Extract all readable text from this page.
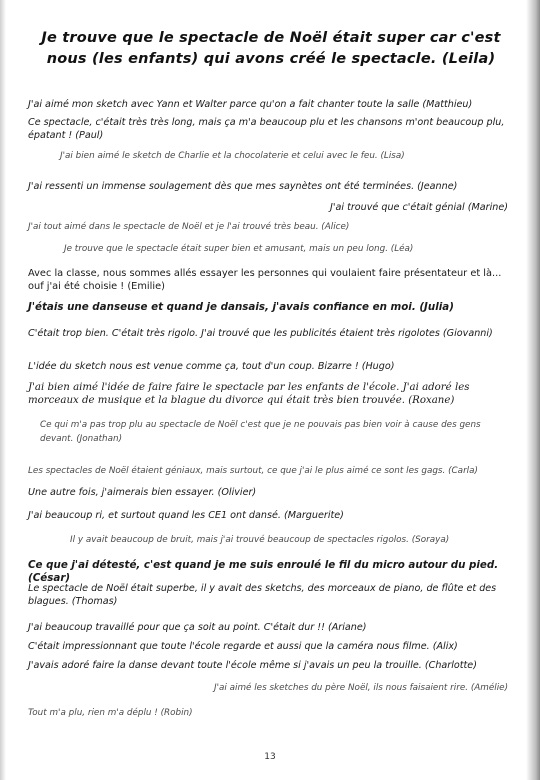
Je trouve que le spectacle de Noël était super car c'est nous (les enfants) qui avons créé le spectacle. (Leila)
J'ai aimé mon sketch avec Yann et Walter parce qu'on a fait chanter toute la salle (Matthieu)
Ce spectacle, c'était très très long, mais ça m'a beaucoup plu et les chansons m'ont beaucoup plu, épatant ! (Paul)
J'ai bien aimé le sketch de Charlie et la chocolaterie et celui avec le feu. (Lisa)
J'ai ressenti un immense soulagement dès que mes saynètes ont été terminées. (Jeanne)
J'ai trouvé que c'était génial (Marine)
J'ai tout aimé dans le spectacle de Noël et je l'ai trouvé très beau. (Alice)
Je trouve que le spectacle était super bien et amusant, mais un peu long. (Léa)
Avec la classe, nous sommes allés essayer les personnes qui voulaient faire présentateur et là... ouf j'ai été choisie ! (Emilie)
J'étais une danseuse et quand je dansais, j'avais confiance en moi. (Julia)
C'était trop bien. C'était très rigolo. J'ai trouvé que les publicités étaient très rigolotes (Giovanni)
L'idée du sketch nous est venue comme ça, tout d'un coup. Bizarre ! (Hugo)
J'ai bien aimé l'idée de faire faire le spectacle par les enfants de l'école. J'ai adoré les morceaux de musique et la blague du divorce qui était très bien trouvée. (Roxane)
Ce qui m'a pas trop plu au spectacle de Noël c'est que je ne pouvais pas bien voir à cause des gens devant. (Jonathan)
Les spectacles de Noël étaient géniaux, mais surtout, ce que j'ai le plus aimé ce sont les gags. (Carla)
Une autre fois, j'aimerais bien essayer. (Olivier)
J'ai beaucoup ri, et surtout quand les CE1 ont dansé. (Marguerite)
Il y avait beaucoup de bruit, mais j'ai trouvé beaucoup de spectacles rigolos. (Soraya)
Ce que j'ai détesté, c'est quand je me suis enroulé le fil du micro autour du pied. (César)
Le spectacle de Noël était superbe, il y avait des sketchs, des morceaux de piano, de flûte et des blagues. (Thomas)
J'ai beaucoup travaillé pour que ça soit au point. C'était dur !! (Ariane)
C'était impressionnant que toute l'école regarde et aussi que la caméra nous filme. (Alix)
J'avais adoré faire la danse devant toute l'école même si j'avais un peu la trouille. (Charlotte)
J'ai aimé les sketches du père Noël, ils nous faisaient rire. (Amélie)
Tout m'a plu, rien m'a déplu ! (Robin)
13
